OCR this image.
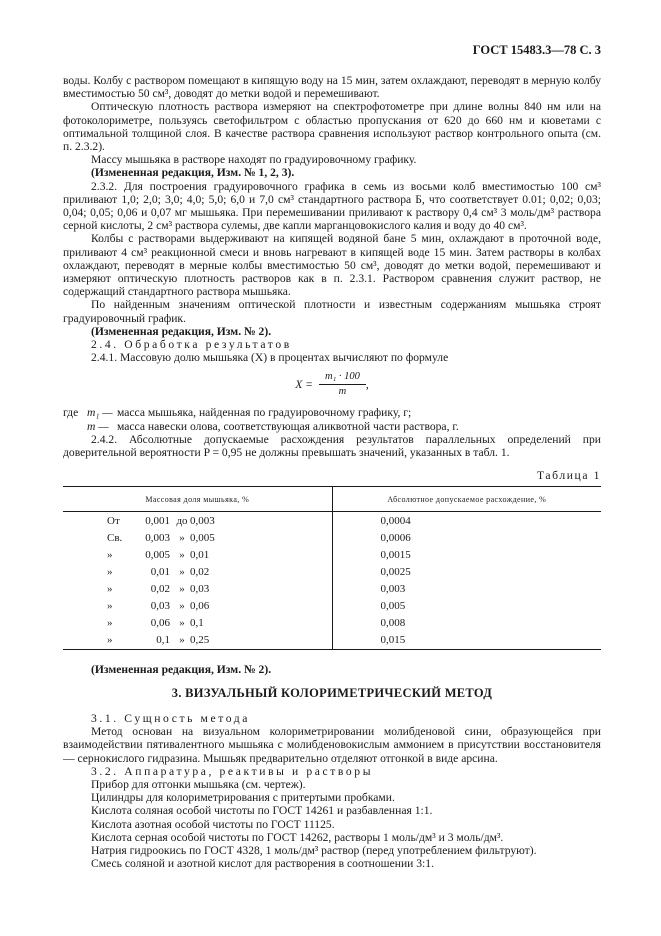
ГОСТ 15483.3—78 С. 3

воды. Колбу с раствором помещают в кипящую воду на 15 мин, затем охлаждают, переводят в мерную колбу вместимостью 50 см³, доводят до метки водой и перемешивают.

Оптическую плотность раствора измеряют на спектрофотометре при длине волны 840 нм или на фотоколориметре, пользуясь светофильтром с областью пропускания от 620 до 660 нм и кюветами с оптимальной толщиной слоя. В качестве раствора сравнения используют раствор контрольного опыта (см. п. 2.3.2).

Массу мышьяка в растворе находят по градуировочному графику.

(Измененная редакция, Изм. № 1, 2, 3).

2.3.2. Для построения градуировочного графика в семь из восьми колб вместимостью 100 см³ приливают 1,0; 2,0; 3,0; 4,0; 5,0; 6,0 и 7,0 см³ стандартного раствора Б, что соответствует 0.01; 0,02; 0,03; 0,04; 0,05; 0,06 и 0,07 мг мышьяка. При перемешивании приливают к раствору 0,4 см³ 3 моль/дм³ раствора серной кислоты, 2 см³ раствора сулемы, две капли марганцовокислого калия и воду до 40 см³.

Колбы с растворами выдерживают на кипящей водяной бане 5 мин, охлаждают в проточной воде, приливают 4 см³ реакционной смеси и вновь нагревают в кипящей воде 15 мин. Затем растворы в колбах охлаждают, переводят в мерные колбы вместимостью 50 см³, доводят до метки водой, перемешивают и измеряют оптическую плотность растворов как в п. 2.3.1. Раствором сравнения служит раствор, не содержащий стандартного раствора мышьяка.

По найденным значениям оптической плотности и известным содержаниям мышьяка строят градуировочный график.

(Измененная редакция, Изм. № 2).

2.4. Обработка результатов

2.4.1. Массовую долю мышьяка (X) в процентах вычисляют по формуле

$X = \frac{\text{m₁ · 100}}{m}$ ,
где m₁ — масса мышьяка, найденная по градуировочному графику, г;
m — масса навески олова, соответствующая аликвотной части раствора, г.

2.4.2. Абсолютные допускаемые расхождения результатов параллельных определений при доверительной вероятности P = 0,95 не должны превышать значений, указанных в табл. 1.

Таблица 1
Массовая доля мышьяка, %	Абсолютное допускаемое расхождение, %

От 0,001 до 0,003	0,0004

Св. 0,003 » 0,005	0,0006

» 0,005 » 0,01	0,0015

» 0,01 » 0,02	0,0025

» 0,02 » 0,03	0,003

» 0,03 » 0,06	0,005

» 0,06 » 0,1	0,008

» 0,1 » 0,25	0,015

(Измененная редакция, Изм. № 2).

3. ВИЗУАЛЬНЫЙ КОЛОРИМЕТРИЧЕСКИЙ МЕТОД

3.1. Сущность метода

Метод основан на визуальном колориметрировании молибденовой сини, образующейся при взаимодействии пятивалентного мышьяка с молибденовокислым аммонием в присутствии восстановителя — сернокислого гидразина. Мышьяк предварительно отделяют отгонкой в виде арсина.

3.2. Аппаратура, реактивы и растворы

Прибор для отгонки мышьяка (см. чертеж).

Цилиндры для колориметрирования с притертыми пробками.

Кислота соляная особой чистоты по ГОСТ 14261 и разбавленная 1:1.

Кислота азотная особой чистоты по ГОСТ 11125.

Кислота серная особой чистоты по ГОСТ 14262, растворы 1 моль/дм³ и 3 моль/дм³.

Натрия гидроокись по ГОСТ 4328, 1 моль/дм³ раствор (перед употреблением фильтруют).

Смесь соляной и азотной кислот для растворения в соотношении 3:1.
